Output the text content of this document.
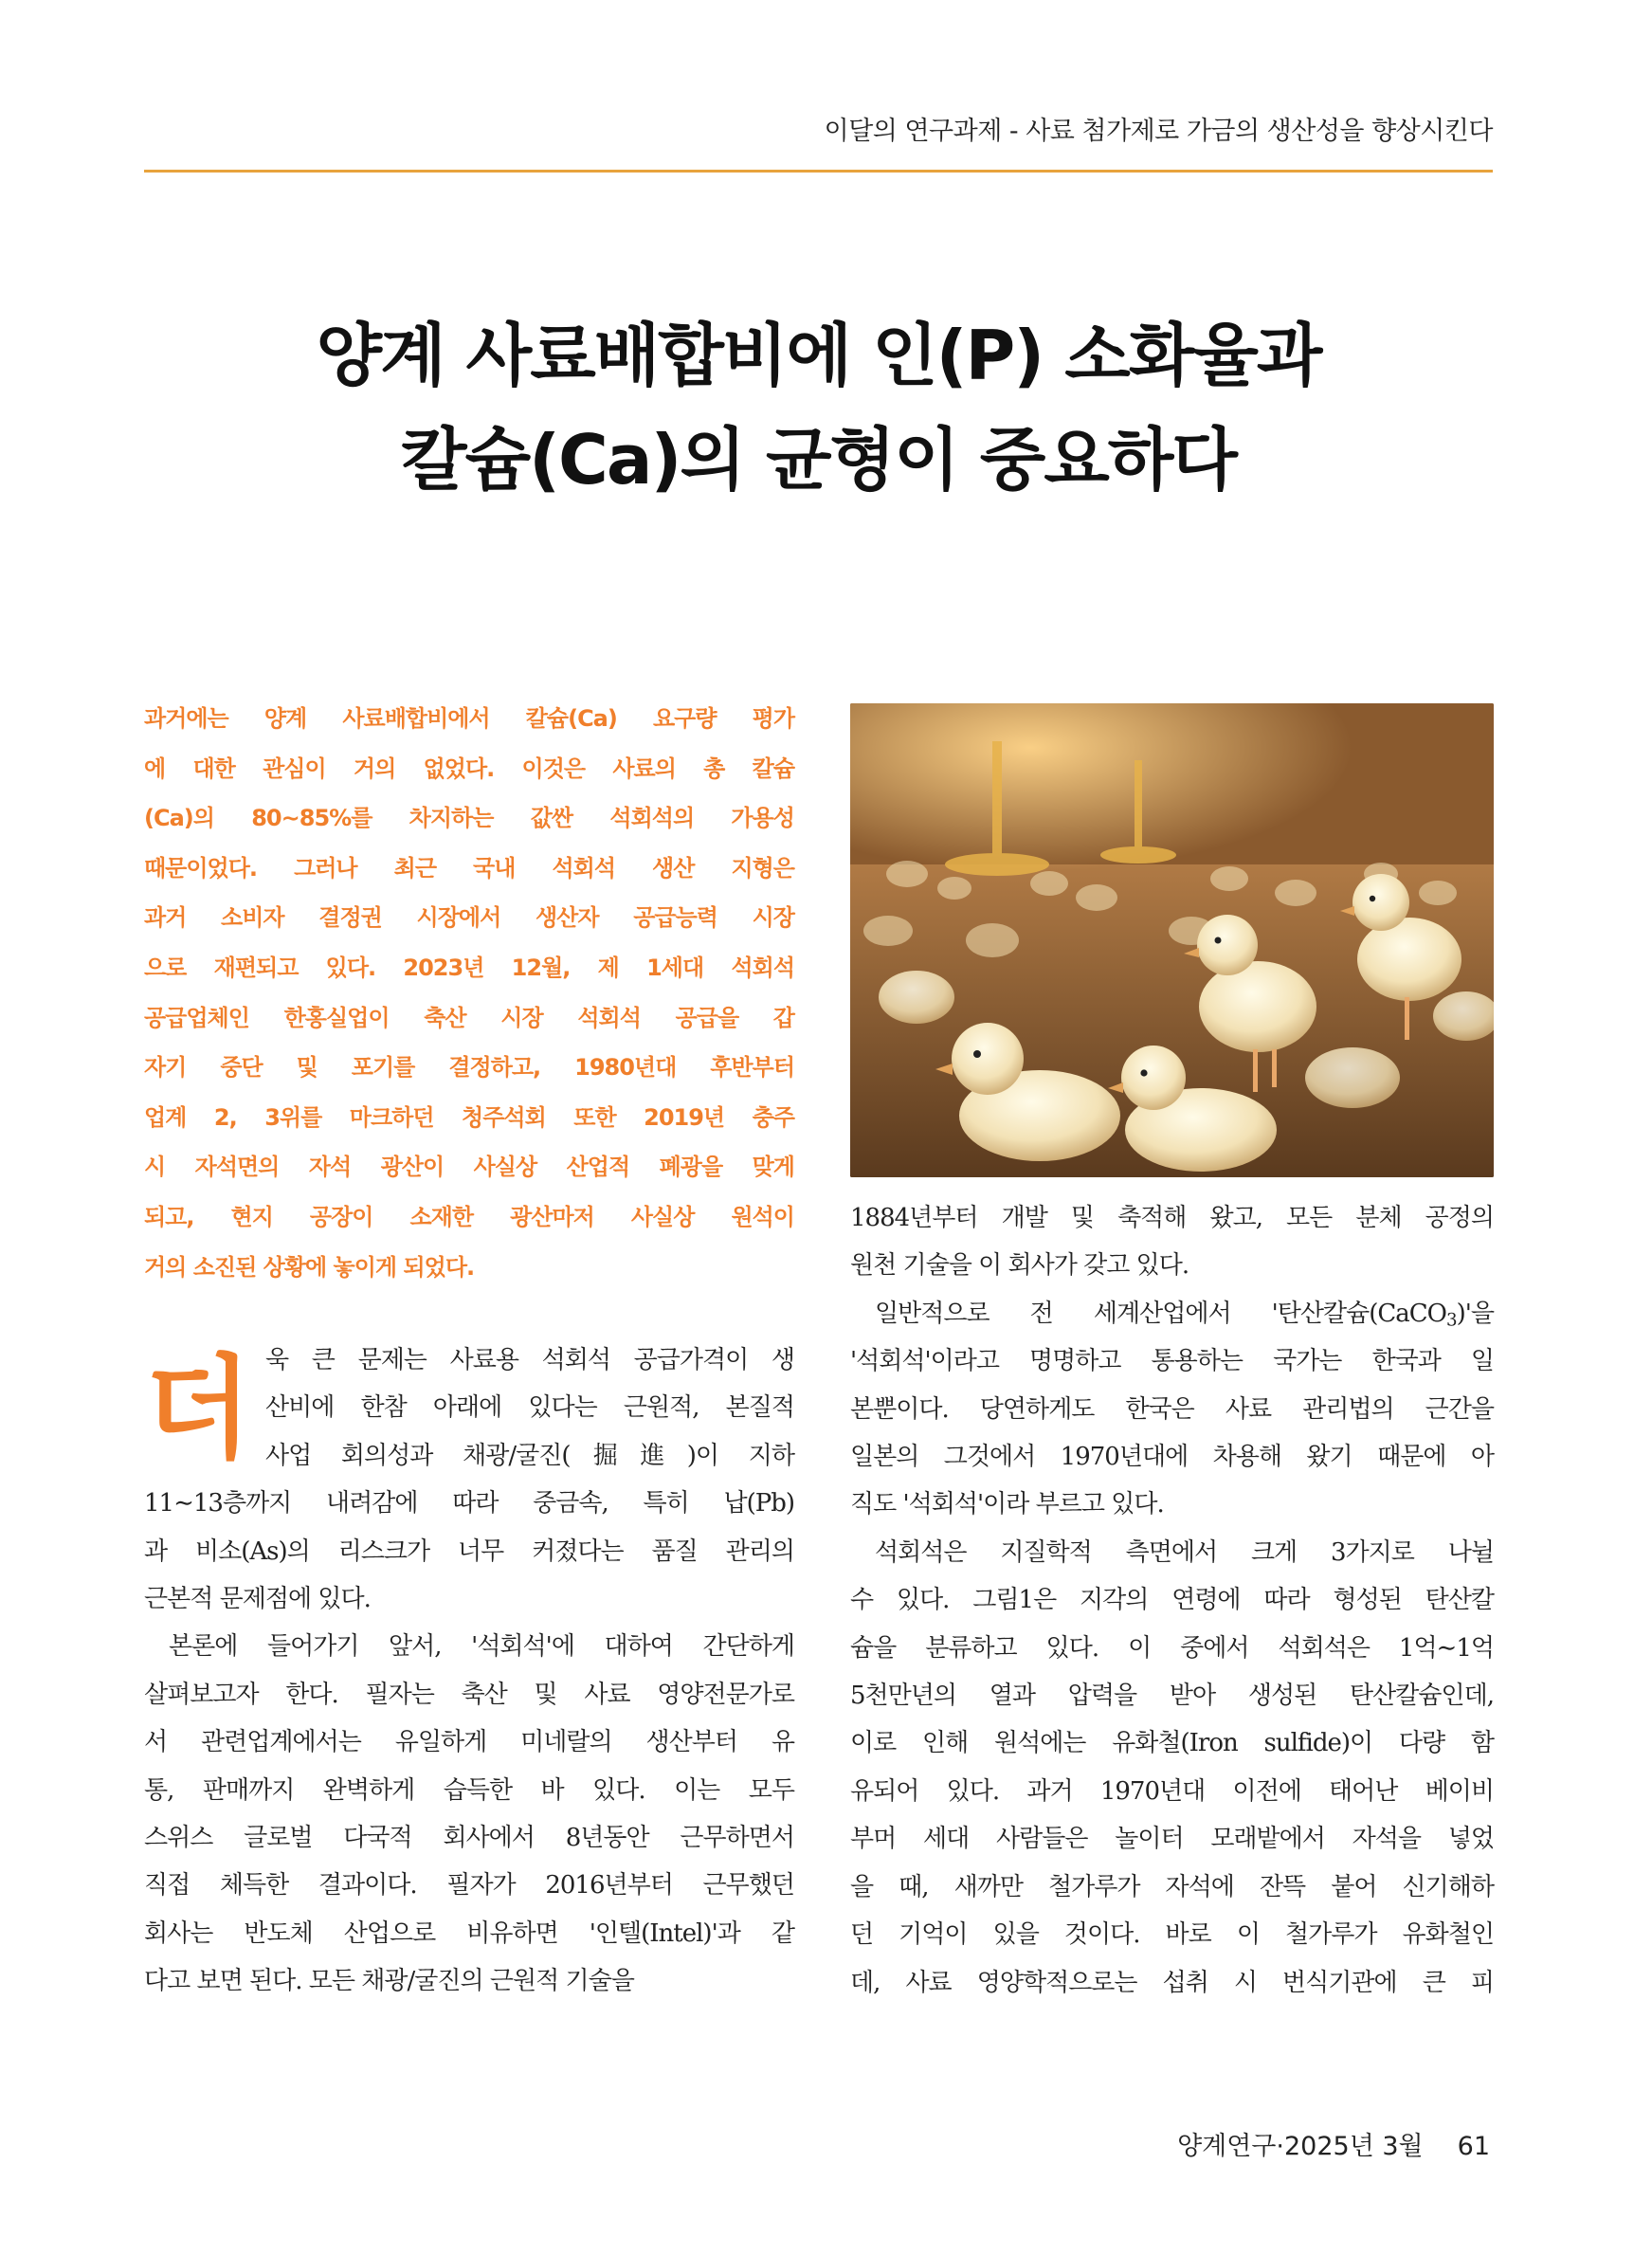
이달의 연구과제 - 사료 첨가제로 가금의 생산성을 향상시킨다
양계 사료배합비에 인(P) 소화율과
칼슘(Ca)의 균형이 중요하다
과거에는 양계 사료배합비에서 칼슘(Ca) 요구량 평가
에 대한 관심이 거의 없었다. 이것은 사료의 총 칼슘
(Ca)의 80∼85%를 차지하는 값싼 석회석의 가용성
때문이었다. 그러나 최근 국내 석회석 생산 지형은
과거 소비자 결정권 시장에서 생산자 공급능력 시장
으로 재편되고 있다. 2023년 12월, 제 1세대 석회석
공급업체인 한홍실업이 축산 시장 석회석 공급을 갑
자기 중단 및 포기를 결정하고, 1980년대 후반부터
업계 2, 3위를 마크하던 청주석회 또한 2019년 충주
시 자석면의 자석 광산이 사실상 산업적 폐광을 맞게
되고, 현지 공장이 소재한 광산마저 사실상 원석이
거의 소진된 상황에 놓이게 되었다.
더 욱 큰 문제는 사료용 석회석 공급가격이 생
산비에 한참 아래에 있다는 근원적, 본질적
사업 회의성과 채광/굴진(掘進)이 지하
11∼13층까지 내려감에 따라 중금속, 특히 납(Pb)
과 비소(As)의 리스크가 너무 커졌다는 품질 관리의
근본적 문제점에 있다.
본론에 들어가기 앞서, '석회석'에 대하여 간단하게
살펴보고자 한다. 필자는 축산 및 사료 영양전문가로
서 관련업계에서는 유일하게 미네랄의 생산부터 유
통, 판매까지 완벽하게 습득한 바 있다. 이는 모두
스위스 글로벌 다국적 회사에서 8년동안 근무하면서
직접 체득한 결과이다. 필자가 2016년부터 근무했던
회사는 반도체 산업으로 비유하면 '인텔(Intel)'과 같
다고 보면 된다. 모든 채광/굴진의 근원적 기술을
1884년부터 개발 및 축적해 왔고, 모든 분체 공정의
원천 기술을 이 회사가 갖고 있다.
일반적으로 전 세계산업에서 '탄산칼슘(CaCO$_3$)'을
'석회석'이라고 명명하고 통용하는 국가는 한국과 일
본뿐이다. 당연하게도 한국은 사료 관리법의 근간을
일본의 그것에서 1970년대에 차용해 왔기 때문에 아
직도 '석회석'이라 부르고 있다.
석회석은 지질학적 측면에서 크게 3가지로 나뉠
수 있다. 그림1은 지각의 연령에 따라 형성된 탄산칼
슘을 분류하고 있다. 이 중에서 석회석은 1억∼1억
5천만년의 열과 압력을 받아 생성된 탄산칼슘인데,
이로 인해 원석에는 유화철(Iron sulfide)이 다량 함
유되어 있다. 과거 1970년대 이전에 태어난 베이비
부머 세대 사람들은 놀이터 모래밭에서 자석을 넣었
을 때, 새까만 철가루가 자석에 잔뜩 붙어 신기해하
던 기억이 있을 것이다. 바로 이 철가루가 유화철인
데, 사료 영양학적으로는 섭취 시 번식기관에 큰 피
양계연구·2025년 3월 61
